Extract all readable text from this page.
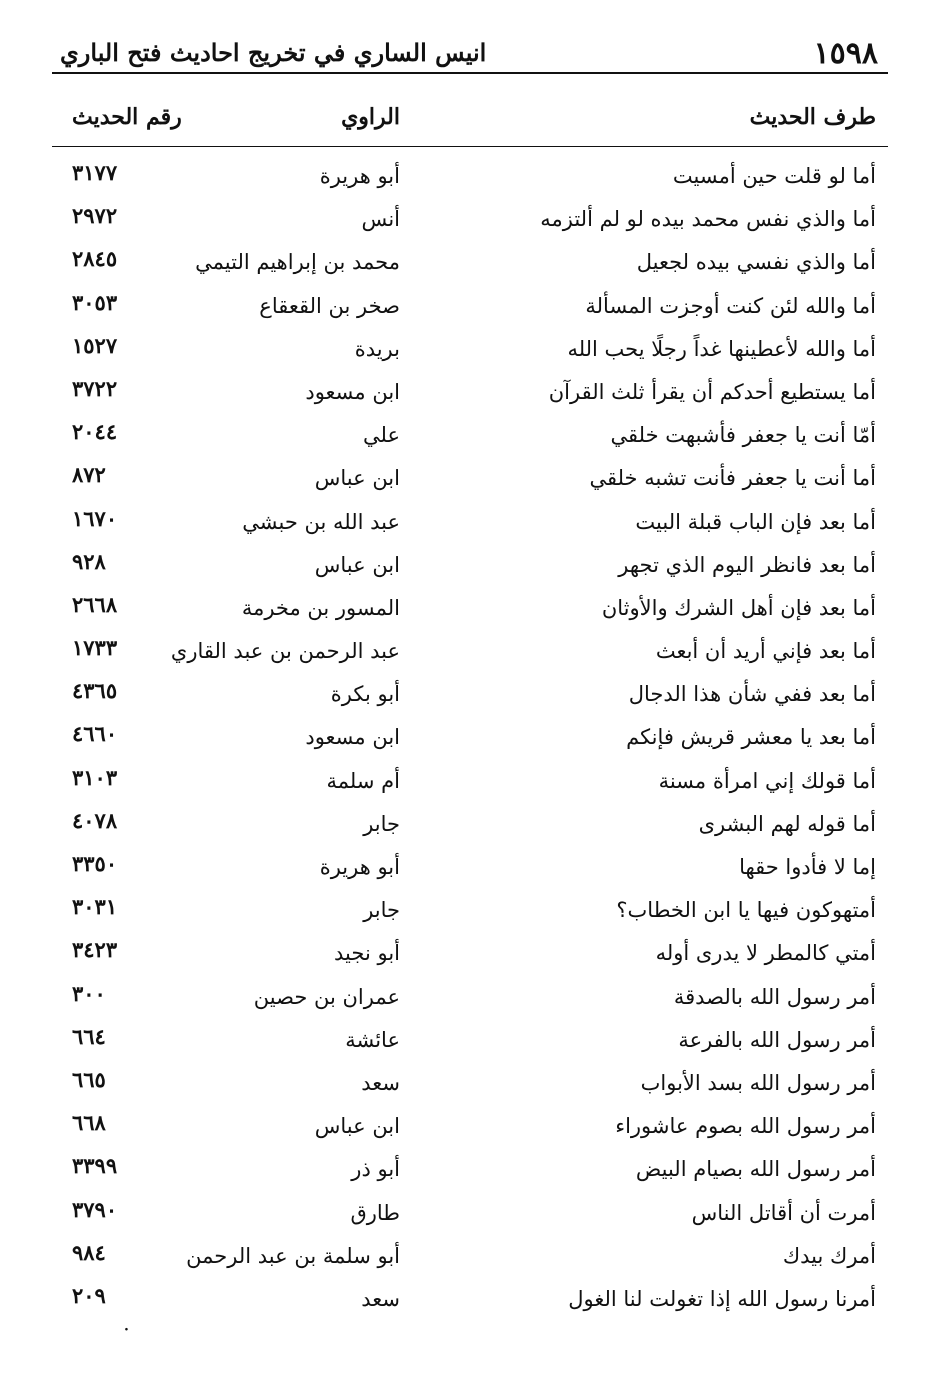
١٥٩٨
انيس الساري في تخريج احاديث فتح الباري
طرف الحديث
الراوي
رقم الحديث
أما لو قلت حين أمسيت
أبو هريرة
٣١٧٧
أما والذي نفس محمد بيده لو لم ألتزمه
أنس
٢٩٧٢
أما والذي نفسي بيده لجعيل
محمد بن إبراهيم التيمي
٢٨٤٥
أما والله لئن كنت أوجزت المسألة
صخر بن القعقاع
٣٠٥٣
أما والله لأعطينها غداً رجلًا يحب الله
بريدة
١٥٢٧
أما يستطيع أحدكم أن يقرأ ثلث القرآن
ابن مسعود
٣٧٢٢
أمّا أنت يا جعفر فأشبهت خلقي
علي
٢٠٤٤
أما أنت يا جعفر فأنت تشبه خلقي
ابن عباس
٨٧٢
أما بعد فإن الباب قبلة البيت
عبد الله بن حبشي
١٦٧٠
أما بعد فانظر اليوم الذي تجهر
ابن عباس
٩٢٨
أما بعد فإن أهل الشرك والأوثان
المسور بن مخرمة
٢٦٦٨
أما بعد فإني أريد أن أبعث
عبد الرحمن بن عبد القاري
١٧٣٣
أما بعد ففي شأن هذا الدجال
أبو بكرة
٤٣٦٥
أما بعد يا معشر قريش فإنكم
ابن مسعود
٤٦٦٠
أما قولك إني امرأة مسنة
أم سلمة
٣١٠٣
أما قوله لهم البشرى
جابر
٤٠٧٨
إما لا فأدوا حقها
أبو هريرة
٣٣٥٠
أمتهوكون فيها يا ابن الخطاب؟
جابر
٣٠٣١
أمتي كالمطر لا يدرى أوله
أبو نجيد
٣٤٢٣
أمر رسول الله بالصدقة
عمران بن حصين
٣٠٠
أمر رسول الله بالفرعة
عائشة
٦٦٤
أمر رسول الله بسد الأبواب
سعد
٦٦٥
أمر رسول الله بصوم عاشوراء
ابن عباس
٦٦٨
أمر رسول الله بصيام البيض
أبو ذر
٣٣٩٩
أمرت أن أقاتل الناس
طارق
٣٧٩٠
أمرك بيدك
أبو سلمة بن عبد الرحمن
٩٨٤
أمرنا رسول الله إذا تغولت لنا الغول
سعد
٢٠٩
·
